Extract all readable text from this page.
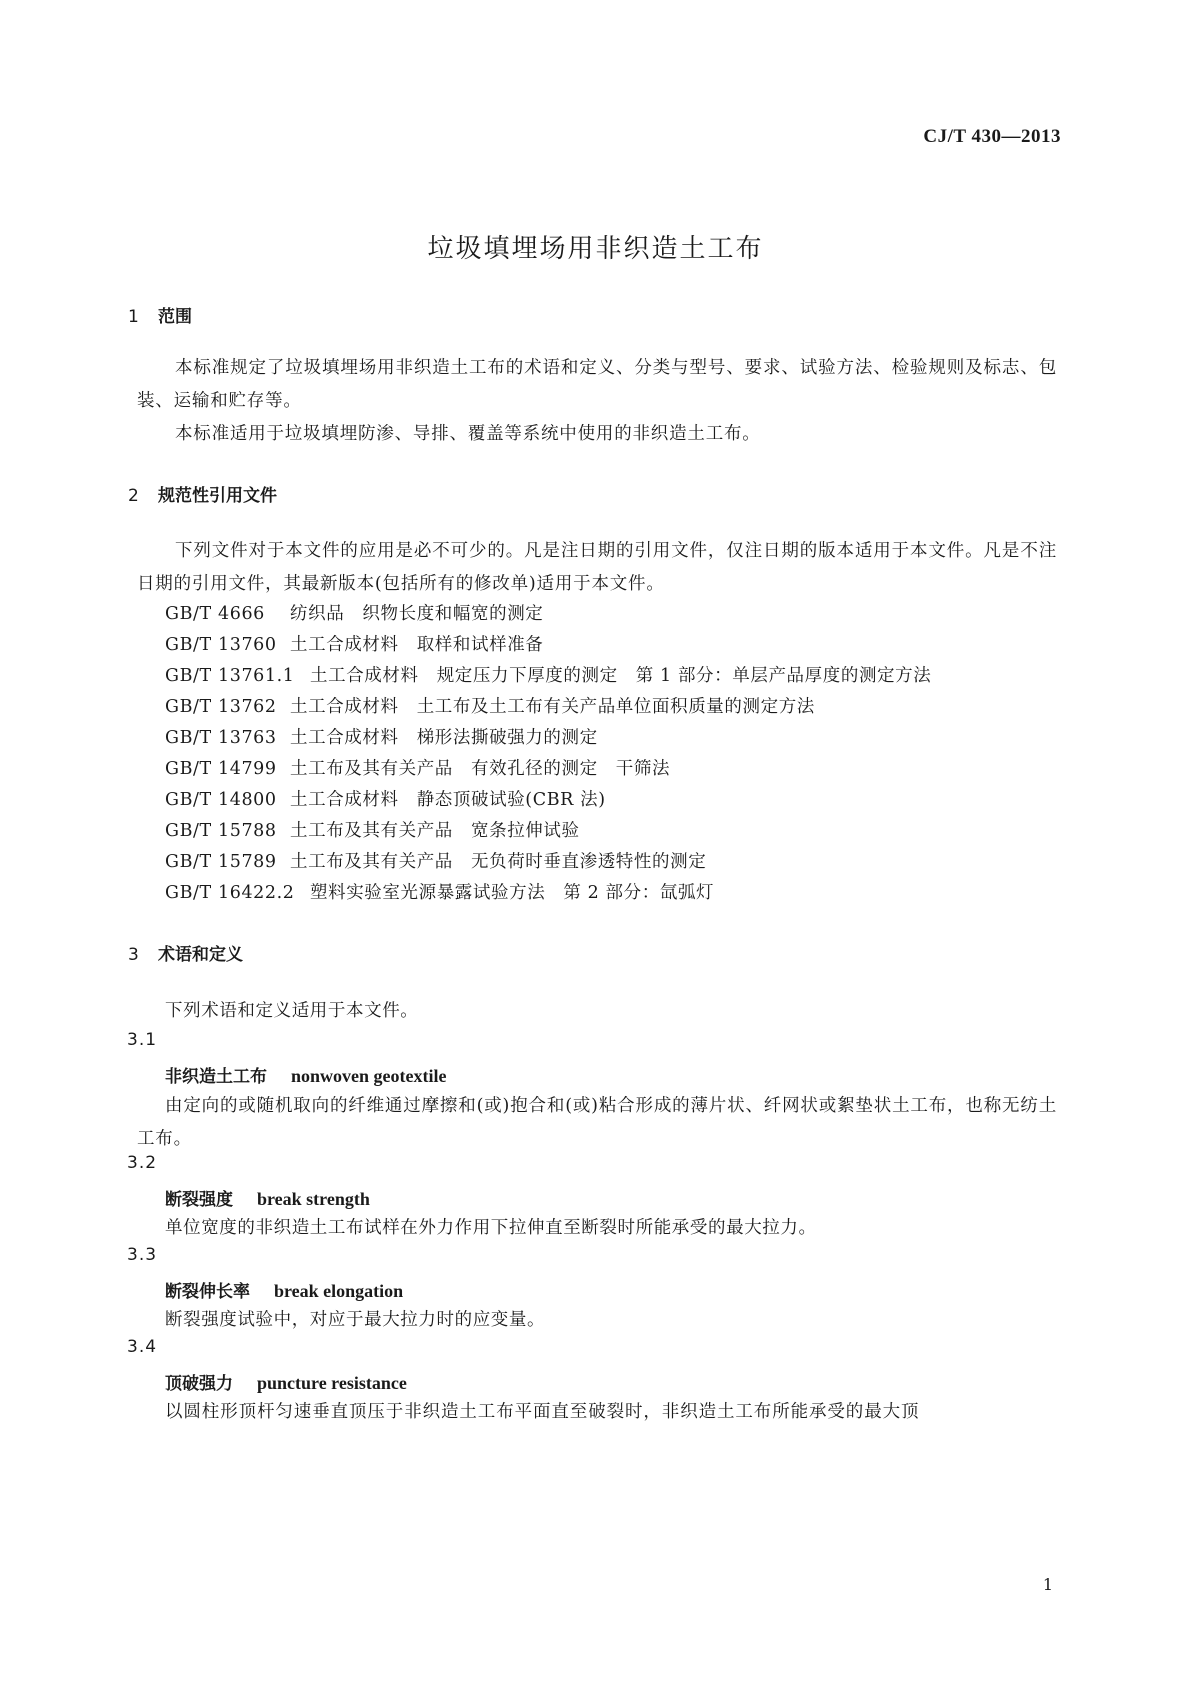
CJ/T 430—2013
垃圾填埋场用非织造土工布
1 范围
本标准规定了垃圾填埋场用非织造土工布的术语和定义、分类与型号、要求、试验方法、检验规则及标志、包装、运输和贮存等。
本标准适用于垃圾填埋防渗、导排、覆盖等系统中使用的非织造土工布。
2 规范性引用文件
下列文件对于本文件的应用是必不可少的。凡是注日期的引用文件，仅注日期的版本适用于本文件。凡是不注日期的引用文件，其最新版本(包括所有的修改单)适用于本文件。
GB/T 4666 纺织品　织物长度和幅宽的测定
GB/T 13760 土工合成材料　取样和试样准备
GB/T 13761.1 土工合成材料　规定压力下厚度的测定　第 1 部分：单层产品厚度的测定方法
GB/T 13762 土工合成材料　土工布及土工布有关产品单位面积质量的测定方法
GB/T 13763 土工合成材料　梯形法撕破强力的测定
GB/T 14799 土工布及其有关产品　有效孔径的测定　干筛法
GB/T 14800 土工合成材料　静态顶破试验(CBR 法)
GB/T 15788 土工布及其有关产品　宽条拉伸试验
GB/T 15789 土工布及其有关产品　无负荷时垂直渗透特性的测定
GB/T 16422.2 塑料实验室光源暴露试验方法　第 2 部分：氙弧灯
3 术语和定义
下列术语和定义适用于本文件。
3.1
非织造土工布 nonwoven geotextile
由定向的或随机取向的纤维通过摩擦和(或)抱合和(或)粘合形成的薄片状、纤网状或絮垫状土工布，也称无纺土工布。
3.2
断裂强度 break strength
单位宽度的非织造土工布试样在外力作用下拉伸直至断裂时所能承受的最大拉力。
3.3
断裂伸长率 break elongation
断裂强度试验中，对应于最大拉力时的应变量。
3.4
顶破强力 puncture resistance
以圆柱形顶杆匀速垂直顶压于非织造土工布平面直至破裂时，非织造土工布所能承受的最大顶
1
